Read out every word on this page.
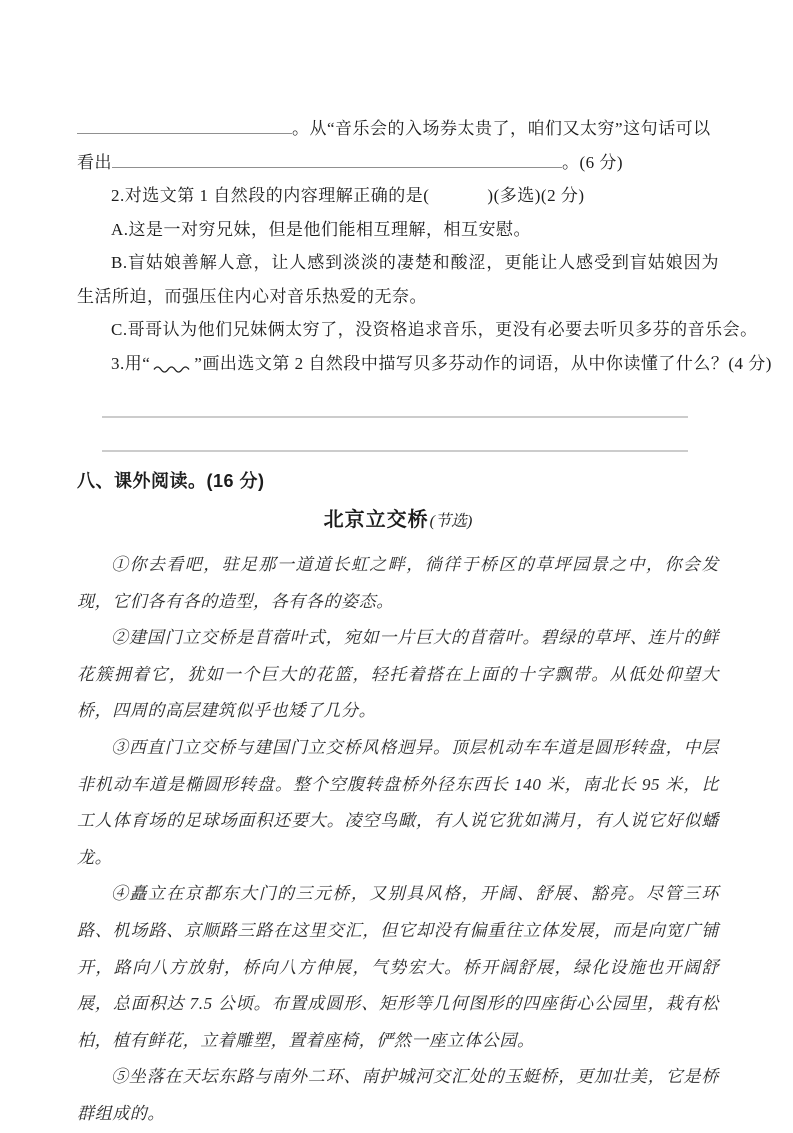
。从“音乐会的入场券太贵了，咱们又太穷”这句话可以
看出	。(6 分)
2.对选文第 1 自然段的内容理解正确的是(	)(多选)(2 分)
A.这是一对穷兄妹，但是他们能相互理解，相互安慰。
B.盲姑娘善解人意，让人感到淡淡的凄楚和酸涩，更能让人感受到盲姑娘因为生活所迫，而强压住内心对音乐热爱的无奈。
C.哥哥认为他们兄妹俩太穷了，没资格追求音乐，更没有必要去听贝多芬的音乐会。
3.用“	”画出选文第 2 自然段中描写贝多芬动作的词语，从中你读懂了什么？(4 分)
八、课外阅读。(16 分)
北京立交桥(节选)

①你去看吧，驻足那一道道长虹之畔，徜徉于桥区的草坪园景之中，你会发现，它们各有各的造型，各有各的姿态。

②建国门立交桥是苜蓿叶式，宛如一片巨大的苜蓿叶。碧绿的草坪、连片的鲜花簇拥着它，犹如一个巨大的花篮，轻托着搭在上面的十字飘带。从低处仰望大桥，四周的高层建筑似乎也矮了几分。

③西直门立交桥与建国门立交桥风格迥异。顶层机动车车道是圆形转盘，中层非机动车道是椭圆形转盘。整个空腹转盘桥外径东西长 140 米，南北长 95 米，比工人体育场的足球场面积还要大。凌空鸟瞰，有人说它犹如满月，有人说它好似蟠龙。

④矗立在京都东大门的三元桥，又别具风格，开阔、舒展、豁亮。尽管三环路、机场路、京顺路三路在这里交汇，但它却没有偏重往立体发展，而是向宽广铺开，路向八方放射，桥向八方伸展，气势宏大。桥开阔舒展，绿化设施也开阔舒展，总面积达 7.5 公顷。布置成圆形、矩形等几何图形的四座街心公园里，栽有松柏，植有鲜花，立着雕塑，置着座椅，俨然一座立体公园。

⑤坐落在天坛东路与南外二环、南护城河交汇处的玉蜓桥，更加壮美，它是桥群组成的。
